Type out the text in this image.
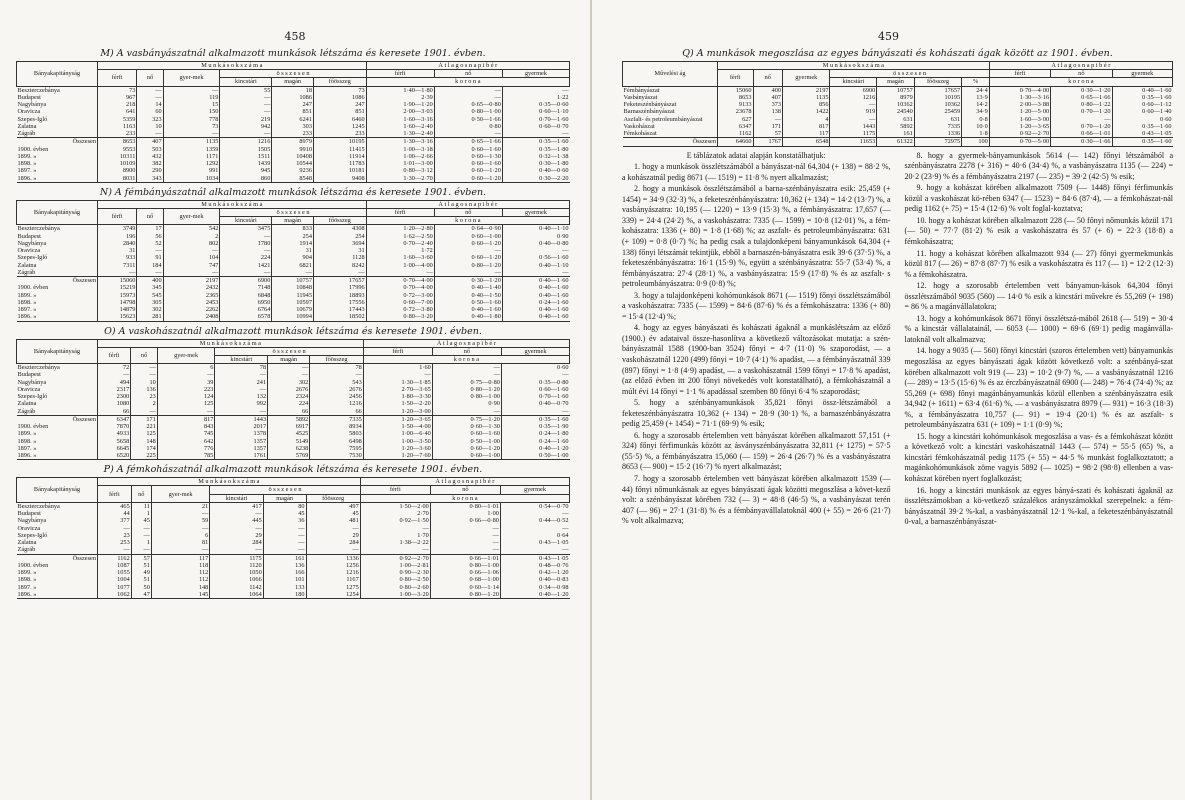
458
M) A vasbányászatnál alkalmazott munkások létszáma és keresete 1901. évben.
Bányakapitányság	M u n k á s o k s z á m a						Á t l a g o s n a p i b é r		
	férfi	nő	gyer-mek	ö s s z e s e n			férfi	nő	gyermek
				kincstári	magán	főösszeg	k o r o n a		
Beszterczebánya	73	—	—	55	18	73	1·40—1·80	—	—
Budapest	967	—	119	—	1086	1086	2·39	—	1·22
Nagybánya	218	14	15	—	247	247	1·90—1·20	0·65—0·80	0·35—0·60
Oravicza	641	60	150	—	851	851	2·00—3·03	0·80—1·00	0·60—1·10
Szepes-Igló	5359	323	778	219	6241	6460	1·60—3·16	0·50—1·66	0·70—1·60
Zalatna	1163	10	73	942	303	1245	1·60—2·40	0·80	0·60—0·70
Zágráb	233	—	—	—	233	233	1·30—2·40	—	—
Összesen	8653	407	1135	1216	8979	10195	1·30—3·16	0·65—1·66	0·35—1·60
1900. évben	9553	503	1359	1505	9910	11415	1·00—3·18	0·60—1·60	0·35—1·80
1899. »	10311	432	1171	1511	10408	11914	1·00—2·66	0·60—1·30	0·32—1·38
1898. »	10109	382	1292	1439	10544	11783	1·01—3·00	0·60—1·60	0·30—1·80
1897. »	8900	290	991	945	9236	10181	0·80—3·12	0·60—1·20	0·40—0·60
1896. »	8031	343	1034	860	8548	9408	1·30—2·70	0·60—1·20	0·30—2·20
N) A fémbányászatnál alkalmazott munkások létszáma és keresete 1901. évben.
Bányakapitányság	M u n k á s o k s z á m a						Á t l a g o s n a p i b é r		
	férfi	nő	gyer-mek	ö s s z e s e n			férfi	nő	gyermek
				kincstári	magán	főösszeg	k o r o n a		
Beszterczebánya	3749	17	542	3475	833	4308	1·20—2·80	0·64—0·90	0·40—1·10
Budapest	196	56	2	—	254	254	1·62—2·50	0·60—1·00	0·90
Nagybánya	2840	52	802	1780	1914	3694	0·70—2·40	0·60—1·20	0·40—0·80
Oravicza	31	—	—	—	31	31	1·72	—	—
Szepes-Igló	933	91	104	224	904	1128	1·60—3·60	0·60—1·20	0·56—1·60
Zalatna	7311	184	747	1421	6821	8242	1·00—4·00	0·80—1·20	0·40—1·10
Zágráb	—	—	—	—	—	—	—	—	—
Összesen	15060	400	2197	6900	10757	17657	0·70—4·00	0·30—1·20	0·40—1·60
1900. évben	15219	345	2432	7148	10848	17996	0·70—4·00	0·40—1·40	0·40—1·60
1899. »	15973	545	2365	6848	11945	18893	0·72—3·00	0·40—1·50	0·40—1·60
1898. »	14798	305	2453	6950	10597	17556	0·60—7·00	0·50—1·60	0·24—1·60
1897. »	14879	302	2262	6764	10679	17443	0·72—3·80	0·40—1·60	0·40—1·60
1896. »	15623	281	2408	6578	10994	18502	0·80—3·20	0·40—1·80	0·40—1·60
O) A vaskohászatnál alkalmazott munkások létszáma és keresete 1901. évben.
Bányakapitányság	M u n k á s o k s z á m a						Á t l a g o s n a p i b é r		
	férfi	nő	gyer-mek	ö s s z e s e n			férfi	nő	gyermek
				kincstári	magán	főösszeg	k o r o n a		
Beszterczebánya	72	—	6	78	—	78	1·60	—	0·60
Budapest	—	—	—	—	—	—	—	—	—
Nagybánya	494	10	39	241	302	543	1·30—1·85	0·75—0·80	0·35—0·80
Oravicza	2317	136	223	—	2676	2676	2·70—3·65	0·80—1·20	0·60—1·60
Szepes-Igló	2300	23	124	132	2324	2456	1·80—3·30	0·80—1·00	0·70—1·60
Zalatna	1080	2	125	992	224	1216	1·50—2·20	0·90	0·40—0·70
Zágráb	66	—	—	—	66	66	1·20—3·00	—	—
Összesen	6347	171	817	1443	5892	7335	1·20—3·65	0·75—1·20	0·35—1·60
1900. évben	7870	221	843	2017	6917	8934	1·50—4·00	0·60—1·30	0·35—1·90
1899. »	4933	125	745	1378	4525	5803	1·00—6·40	0·60—1·60	0·24—1·80
1898. »	5658	148	642	1357	5149	6498	1·00—3·50	0·50—1·00	0·24—1·60
1897. »	6645	174	776	1357	6238	7595	1·20—3·60	0·60—1·20	0·40—1·20
1896. »	6520	225	785	1761	5769	7530	1·20—7·60	0·60—1·00	0·50—1·00
P) A fémkohászatnál alkalmazott munkások létszáma és keresete 1901. évben.
Bányakapitányság	M u n k á s o k s z á m a						Á t l a g o s n a p i b é r		
	férfi	nő	gyer-mek	ö s s z e s e n			férfi	nő	gyermek
				kincstári	magán	főösszeg	k o r o n a		
Beszterczebánya	465	11	21	417	80	497	1·50—2·00	0·80—1·01	0·54—0·70
Budapest	44	1	—	—	45	45	2·70	1·00	—
Nagybánya	377	45	59	445	36	481	0·92—1·50	0·66—0·80	0·44—0·52
Oravicza	—	—	—	—	—	—	—	—	—
Szepes-Igló	23	—	6	29	—	29	1·70	—	0·64
Zalatna	253	1	81	284	—	284	1·38—2·22	—	0·43—1·05
Zágráb	—	—	—	—	—	—	—	—	—
Összesen	1162	57	117	1175	161	1336	0·92—2·70	0·66—1·01	0·43—1·05
1900. évben	1087	51	118	1120	136	1256	1·00—2·81	0·80—1·00	0·48—0·76
1899. »	1055	49	112	1050	166	1216	0·90—2·30	0·66—1·06	0·42—1·20
1898. »	1004	51	112	1066	101	1167	0·80—2·50	0·68—1·00	0·40—0·83
1897. »	1077	50	148	1142	133	1275	0·80—2·60	0·60—1·14	0·34—0·98
1896. »	1062	47	145	1064	180	1254	1·00—3·20	0·80—1·20	0·40—1·20
459
Q) A munkások megoszlása az egyes bányászati és kohászati ágak között az 1901. évben.
Művelési ág	M u n k á s o k s z á m a							Á t l a g o s n a p i b é r		
	férfi	nő	gyermek	ö s s z e s e n				férfi	nő	gyermek
				kincstári	magán	főösszeg	%	k o r o n a		
Fémbányászat	15060	400	2197	6900	10757	17657	24·4	0·70—4·00	0·30—1·20	0·40—1·60
Vasbányászat	8653	407	1135	1216	8979	10195	13·9	1·30—3·16	0·65—1·66	0·35—1·60
Feketeszénbányászat	9133	373	856	—	10362	10362	14·2	2·00—3·88	0·80—1·22	0·60—1·12
Barnaszénbányászat	23678	138	1422	919	24540	25459	34·9	1·20—5·00	0·70—1·20	0·60—1·40
Aszfalt- és petroleumbányászat	627	—	4	—	631	631	0·8	1·60—3·00	—	0·60
Vaskohászat	6347	171	817	1443	5892	7335	10·0	1·20—3·65	0·70—1·20	0·35—1·60
Fémkohászat	1162	57	117	1175	161	1336	1·8	0·92—2·70	0·66—1·01	0·43—1·05
Összesen	64660	1767	6548	11653	61322	72975	100	0·70—5·00	0·30—1·66	0·35—1·60

E táblázatok adatai alapján konstatálhatjuk:

1. hogy a munkások összlétszámából a bányászat-nál 64,304 (+ 138) = 88·2 %, a kohászatnál pedig 8671 (— 1519) = 11·8 % nyert alkalmazást;

2. hogy a munkások összlétszámából a barna-szénbányászatra esik: 25,459 (+ 1454) = 34·9 (32·3) %, a feketeszénbányászatra: 10,362 (+ 134) = 14·2 (13·7) %, a vasbányászatra: 10,195 (— 1220) = 13·9 (15·3) %, a fémbányászatra: 17,657 (— 339) = 24·4 (24·2) %, a vaskohászatra: 7335 (— 1599) = 10·8 (12·01) %, a fém-kohászatra: 1336 (+ 80) = 1·8 (1·68) %; az aszfalt- és petroleumbányászatra: 631 (+ 109) = 0·8 (0·7) %; ha pedig csak a tulajdonképeni bányamunkások 64,304 (+ 138) főnyi létszámát tekintjük, ebből a barnaszén-bányászatra esik 39·6 (37·5) %, a feketeszénbányászatra: 16·1 (15·9) %, együtt a szénbányászatra: 55·7 (53·4) %, a fémbányászatra: 27·4 (28·1) %, a vasbányászatra: 15·9 (17·8) % és az aszfalt- s petroleumbányászatra: 0·9 (0·8) %;

3. hogy a tulajdonképeni kohómunkások 8671 (— 1519) főnyi összlétszámából a vaskohászatra: 7335 (— 1599) = 84·6 (87·6) % és a fémkohászatra: 1336 (+ 80) = 15·4 (12·4) %;

4. hogy az egyes bányászati és kohászati ágaknál a munkáslétszám az előző (1900.) év adataival össze-hasonlítva a következő változásokat mutatja: a szén-bányászatnál 1588 (1900-ban 3524) főnyi = 4·7 (11·0) % szaporodást, — a vaskohászatnál 1220 (499) főnyi = 10·7 (4·1) % apadást, — a fémbányászatnál 339 (897) főnyi = 1·8 (4·9) apadást, — a vaskohászatnál 1599 főnyi = 17·8 % apadást, (az előző évben itt 200 főnyi növekedés volt konstatálható), a fémkohászatnál a múlt évi 14 főnyi = 1·1 % apadással szemben 80 főnyi 6·4 % szaporodást;

5. hogy a szénbányamunkások 35,821 főnyi össz-létszámából a feketeszénbányászatra 10,362 (+ 134) = 28·9 (30·1) %, a barnaszénbányászatra pedig 25,459 (+ 1454) = 71·1 (69·9) % esik;

6. hogy a szorosabb értelemben vett bányászat körében alkalmazott 57,151 (+ 324) főnyi férfimunkás között az ásványszénbányászatra 32,811 (+ 1275) = 57·5 (55·5) %, a fémbányászatra 15,060 (— 159) = 26·4 (26·7) % és a vasbányászatra 8653 (— 900) = 15·2 (16·7) % nyert alkalmazást;

7. hogy a szorosabb értelemben vett bányászat körében alkalmazott 1539 (— 44) főnyi nőmunkásnak az egyes bányászati ágak közötti megoszlása a követ-kező volt: a szénbányászat körében 732 (— 3) = 48·8 (46·5) %, a vasbányászat terén 407 (— 96) = 27·1 (31·8) % és a fémbányavállalatoknál 400 (+ 55) = 26·6 (21·7) % volt alkalmazva;

8. hogy a gyermek-bányamunkások 5614 (— 142) főnyi létszámából a szénbányászatra 2278 (+ 316) = 40·6 (34·4) %, a vasbányászatra 1135 (— 224) = 20·2 (23·9) % és a fémbányászatra 2197 (— 235) = 39·2 (42·5) % esik;

9. hogy a kohászat körében alkalmazott 7509 (— 1448) főnyi férfimunkás közül a vaskohászat kö-rében 6347 (— 1523) = 84·6 (87·4), — a fémkohászat-nál pedig 1162 (+ 75) = 15·4 (12·6) % volt foglal-koztatva;

10. hogy a kohászat körében alkalmazott 228 (— 50 főnyi nőmunkás közül 171 (— 50) = 77·7 (81·2) % esik a vaskohászatra és 57 (+ 6) = 22·3 (18·8) a fémkohászatra;

11. hogy a kohászat körében alkalmazott 934 (— 27) főnyi gyermekmunkás közül 817 (— 26) = 87·8 (87·7) % esik a vaskohászatra és 117 (— 1) = 12·2 (12·3) % a fémkohászatra.

12. hogy a szorosabb értelemben vett bányamun-kások 64,304 főnyi összlétszámából 9035 (560) — 14·0 % esik a kincstári művekre és 55,269 (+ 198) = 86 % a magánvállalatokra;

13. hogy a kohómunkások 8671 főnyi összlétszá-mából 2618 (— 519) = 30·4 % a kincstár vállalatainál, — 6053 (— 1000) = 69·6 (69·1) pedig magánválla-latoknál volt alkalmazva;

14. hogy a 9035 (— 560) főnyi kincstári (szoros értelemben vett) bányamunkás megoszlása az egyes bányászati ágak között következő volt: a szénbányá-szat körében alkalmazott volt 919 (— 23) = 10·2 (9·7) %, — a vasbányászatnál 1216 (— 289) = 13·5 (15·6) % és az érczbányászatnál 6900 (— 248) = 76·4 (74·4) %; az 55,269 (+ 698) főnyi magánbányamunkás közül ellenben a szénbányászatra esik 34,942 (+ 1611) = 63·4 (61·6) %, — a vasbányászatra 8979 (— 931) = 16·3 (18·3) %, a fémbányászatra 10,757 (— 91) = 19·4 (20·1) % és az aszfalt- s petroleumbányászatra 631 (+ 109) = 1·1 (0·9) %;

15. hogy a kincstári kohómunkások megoszlása a vas- és a fémkohászat között a következő volt: a kincstári vaskohászatnál 1443 (— 574) = 55·5 (65) %, a kincstári fémkohászatnál pedig 1175 (+ 55) = 44·5 % munkást foglalkoztatott; a magánkohómunkások zöme vagyis 5892 (— 1025) = 98·2 (98·8) ellenben a vas-kohászat körében nyert foglalkozást;

16. hogy a kincstári munkások az egyes bányá-szati és kohászati ágaknál az összlétszámokban a kö-vetkező százalékos arányszámokkal szerepelnek: a fém-bányászatnál 39·2 %-kal, a vasbányászatnál 12·1 %-kal, a feketeszénbányászatnál 0-val, a barnaszénbányászat-
